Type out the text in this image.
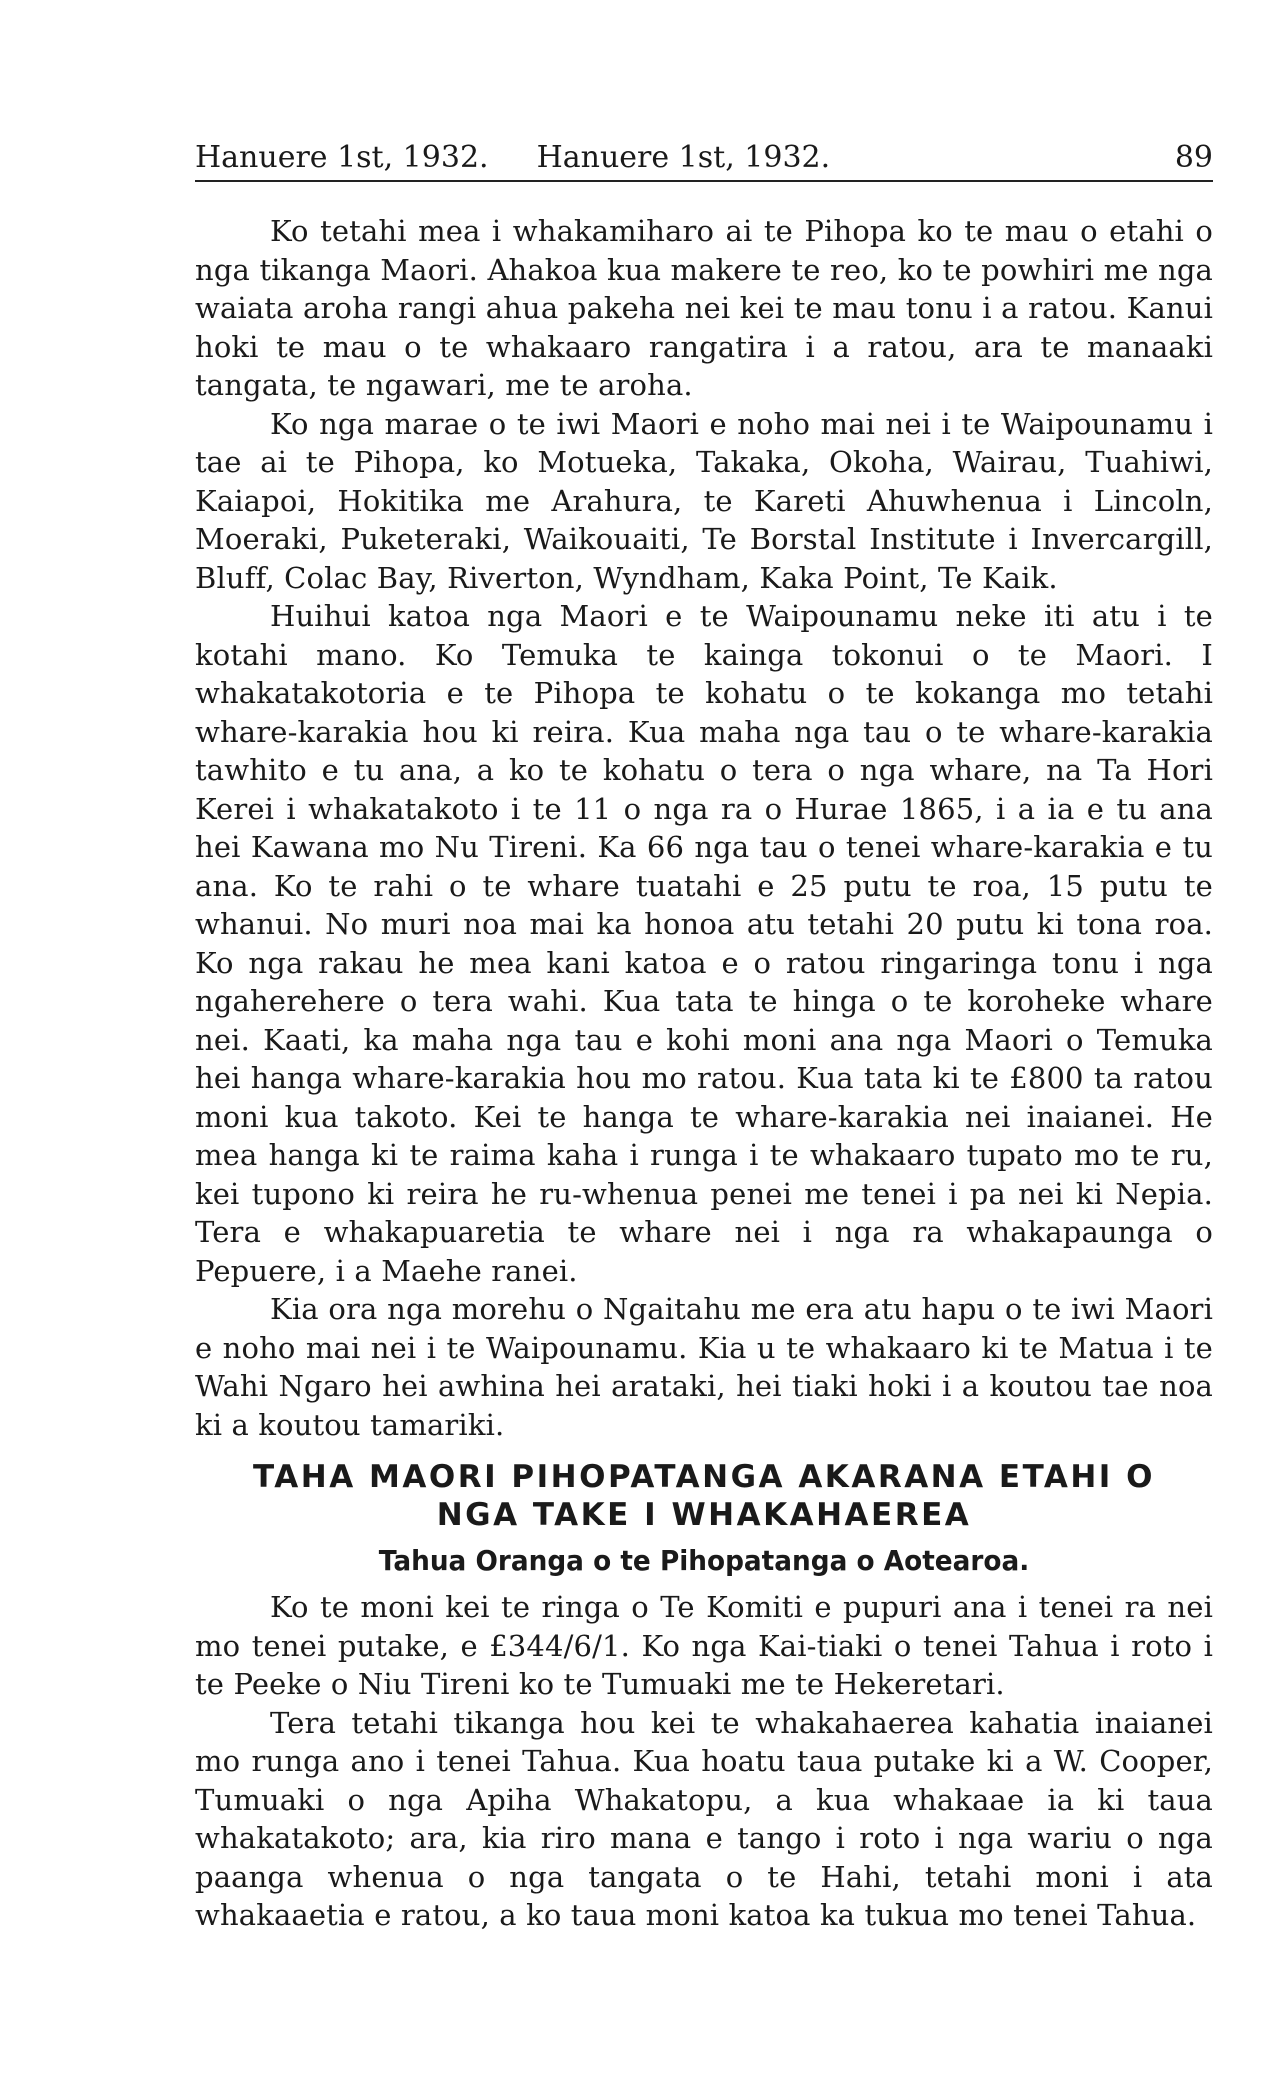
Hanuere 1st, 1932. Hanuere 1st, 1932.	89

Ko tetahi mea i whakamiharo ai te Pihopa ko te mau o etahi o nga tikanga Maori. Ahakoa kua makere te reo, ko te powhiri me nga waiata aroha rangi ahua pakeha nei kei te mau tonu i a ratou. Kanui hoki te mau o te whakaaro rangatira i a ratou, ara te manaaki tangata, te ngawari, me te aroha.

Ko nga marae o te iwi Maori e noho mai nei i te Waipounamu i tae ai te Pihopa, ko Motueka, Takaka, Okoha, Wairau, Tuahiwi, Kaiapoi, Hokitika me Arahura, te Kareti Ahuwhenua i Lincoln, Moeraki, Puketeraki, Waikouaiti, Te Borstal Institute i Invercargill, Bluff, Colac Bay, Riverton, Wyndham, Kaka Point, Te Kaik.

Huihui katoa nga Maori e te Waipounamu neke iti atu i te kotahi mano. Ko Temuka te kainga tokonui o te Maori. I whakatakotoria e te Pihopa te kohatu o te kokanga mo tetahi whare-karakia hou ki reira. Kua maha nga tau o te whare-karakia tawhito e tu ana, a ko te kohatu o tera o nga whare, na Ta Hori Kerei i whakatakoto i te 11 o nga ra o Hurae 1865, i a ia e tu ana hei Kawana mo Nu Tireni. Ka 66 nga tau o tenei whare-karakia e tu ana. Ko te rahi o te whare tuatahi e 25 putu te roa, 15 putu te whanui. No muri noa mai ka honoa atu tetahi 20 putu ki tona roa. Ko nga rakau he mea kani katoa e o ratou ringaringa tonu i nga ngaherehere o tera wahi. Kua tata te hinga o te koroheke whare nei. Kaati, ka maha nga tau e kohi moni ana nga Maori o Temuka hei hanga whare-karakia hou mo ratou. Kua tata ki te £800 ta ratou moni kua takoto. Kei te hanga te whare-karakia nei inaianei. He mea hanga ki te raima kaha i runga i te whakaaro tupato mo te ru, kei tupono ki reira he ru-whenua penei me tenei i pa nei ki Nepia. Tera e whakapuaretia te whare nei i nga ra whakapaunga o Pepuere, i a Maehe ranei.

Kia ora nga morehu o Ngaitahu me era atu hapu o te iwi Maori e noho mai nei i te Waipounamu. Kia u te whakaaro ki te Matua i te Wahi Ngaro hei awhina hei arataki, hei tiaki hoki i a koutou tae noa ki a koutou tamariki.

TAHA MAORI PIHOPATANGA AKARANA ETAHI O
NGA TAKE I WHAKAHAEREA
Tahua Oranga o te Pihopatanga o Aotearoa.

Ko te moni kei te ringa o Te Komiti e pupuri ana i tenei ra nei mo tenei putake, e £344/6/1. Ko nga Kai-tiaki o tenei Tahua i roto i te Peeke o Niu Tireni ko te Tumuaki me te Hekeretari.

Tera tetahi tikanga hou kei te whakahaerea kahatia inaianei mo runga ano i tenei Tahua. Kua hoatu taua putake ki a W. Cooper, Tumuaki o nga Apiha Whakatopu, a kua whakaae ia ki taua whakatakoto; ara, kia riro mana e tango i roto i nga wariu o nga paanga whenua o nga tangata o te Hahi, tetahi moni i ata whakaaetia e ratou, a ko taua moni katoa ka tukua mo tenei Tahua.
